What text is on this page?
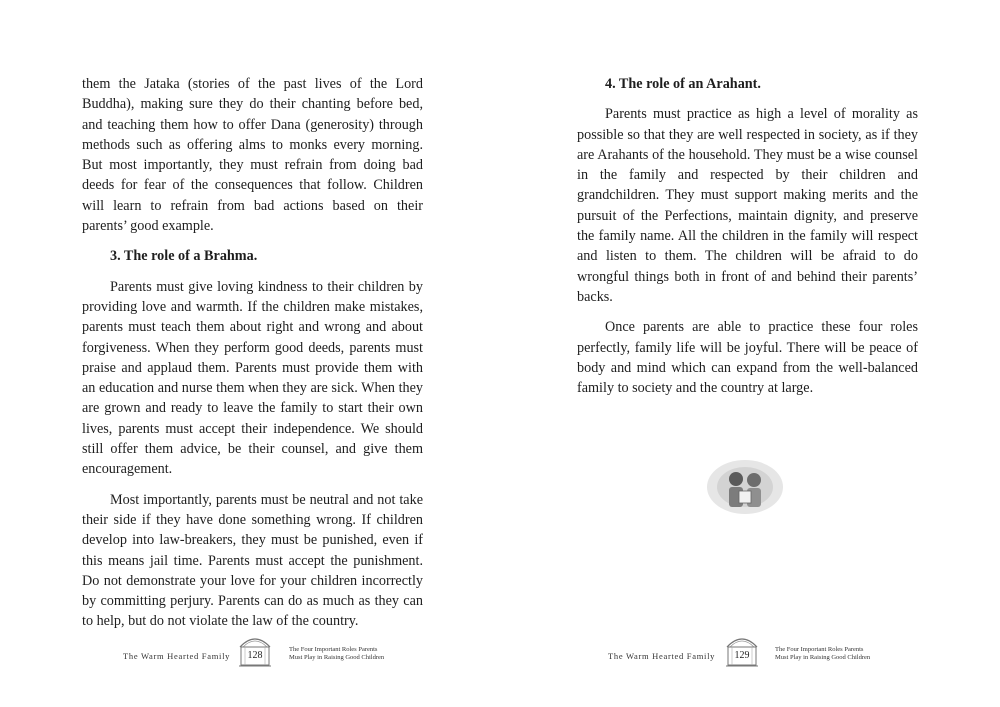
them the Jataka (stories of the past lives of the Lord Buddha), making sure they do their chanting before bed, and teaching them how to offer Dana (generosity) through methods such as offering alms to monks every morning. But most importantly, they must refrain from doing bad deeds for fear of the consequences that follow. Children will learn to refrain from bad actions based on their parents’ good example.

3. The role of a Brahma.

Parents must give loving kindness to their children by providing love and warmth. If the children make mistakes, parents must teach them about right and wrong and about forgiveness. When they perform good deeds, parents must praise and applaud them. Parents must provide them with an education and nurse them when they are sick. When they are grown and ready to leave the family to start their own lives, parents must accept their independence. We should still offer them advice, be their counsel, and give them encouragement.

Most importantly, parents must be neutral and not take their side if they have done something wrong. If children develop into law-breakers, they must be punished, even if this means jail time. Parents must accept the punishment. Do not demonstrate your love for your children incorrectly by committing perjury. Parents can do as much as they can to help, but do not violate the law of the country.

The Warm Hearted Family	128
The Four Important Roles Parents
Must Play in Raising Good Children
4. The role of an Arahant.

Parents must practice as high a level of morality as possible so that they are well respected in society, as if they are Arahants of the household. They must be a wise counsel in the family and respected by their children and grandchildren. They must support making merits and the pursuit of the Perfections, maintain dignity, and preserve the family name. All the children in the family will respect and listen to them. The children will be afraid to do wrongful things both in front of and behind their parents’ backs.

Once parents are able to practice these four roles perfectly, family life will be joyful. There will be peace of body and mind which can expand from the well-balanced family to society and the country at large.

The Warm Hearted Family	129
The Four Important Roles Parents
Must Play in Raising Good Children
